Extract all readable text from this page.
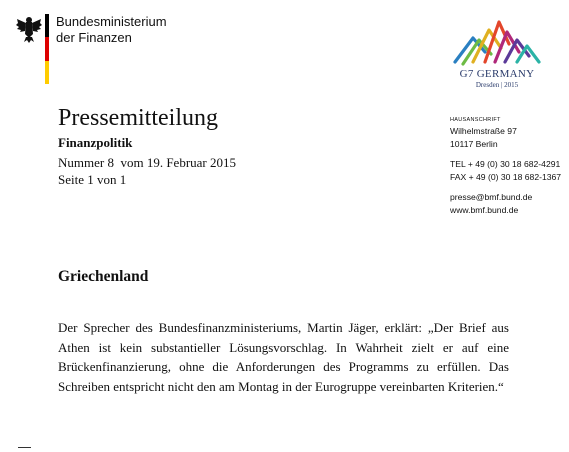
Bundesministerium
der Finanzen
G7 GERMANY
Dresden | 2015
Pressemitteilung
Finanzpolitik
Nummer 8  vom 19. Februar 2015
Seite 1 von 1
HAUSANSCHRIFT
Wilhelmstraße 97
10117 Berlin
TEL + 49 (0) 30 18 682-4291
FAX + 49 (0) 30 18 682-1367
presse@bmf.bund.de
www.bmf.bund.de
Griechenland
Der Sprecher des Bundesfinanzministeriums, Martin Jäger, erklärt: „Der Brief aus Athen ist kein substantieller Lösungsvorschlag. In Wahrheit zielt er auf eine Brückenfinanzierung, ohne die Anforderungen des Programms zu erfüllen. Das Schreiben entspricht nicht den am Montag in der Eurogruppe vereinbarten Kriterien.“
